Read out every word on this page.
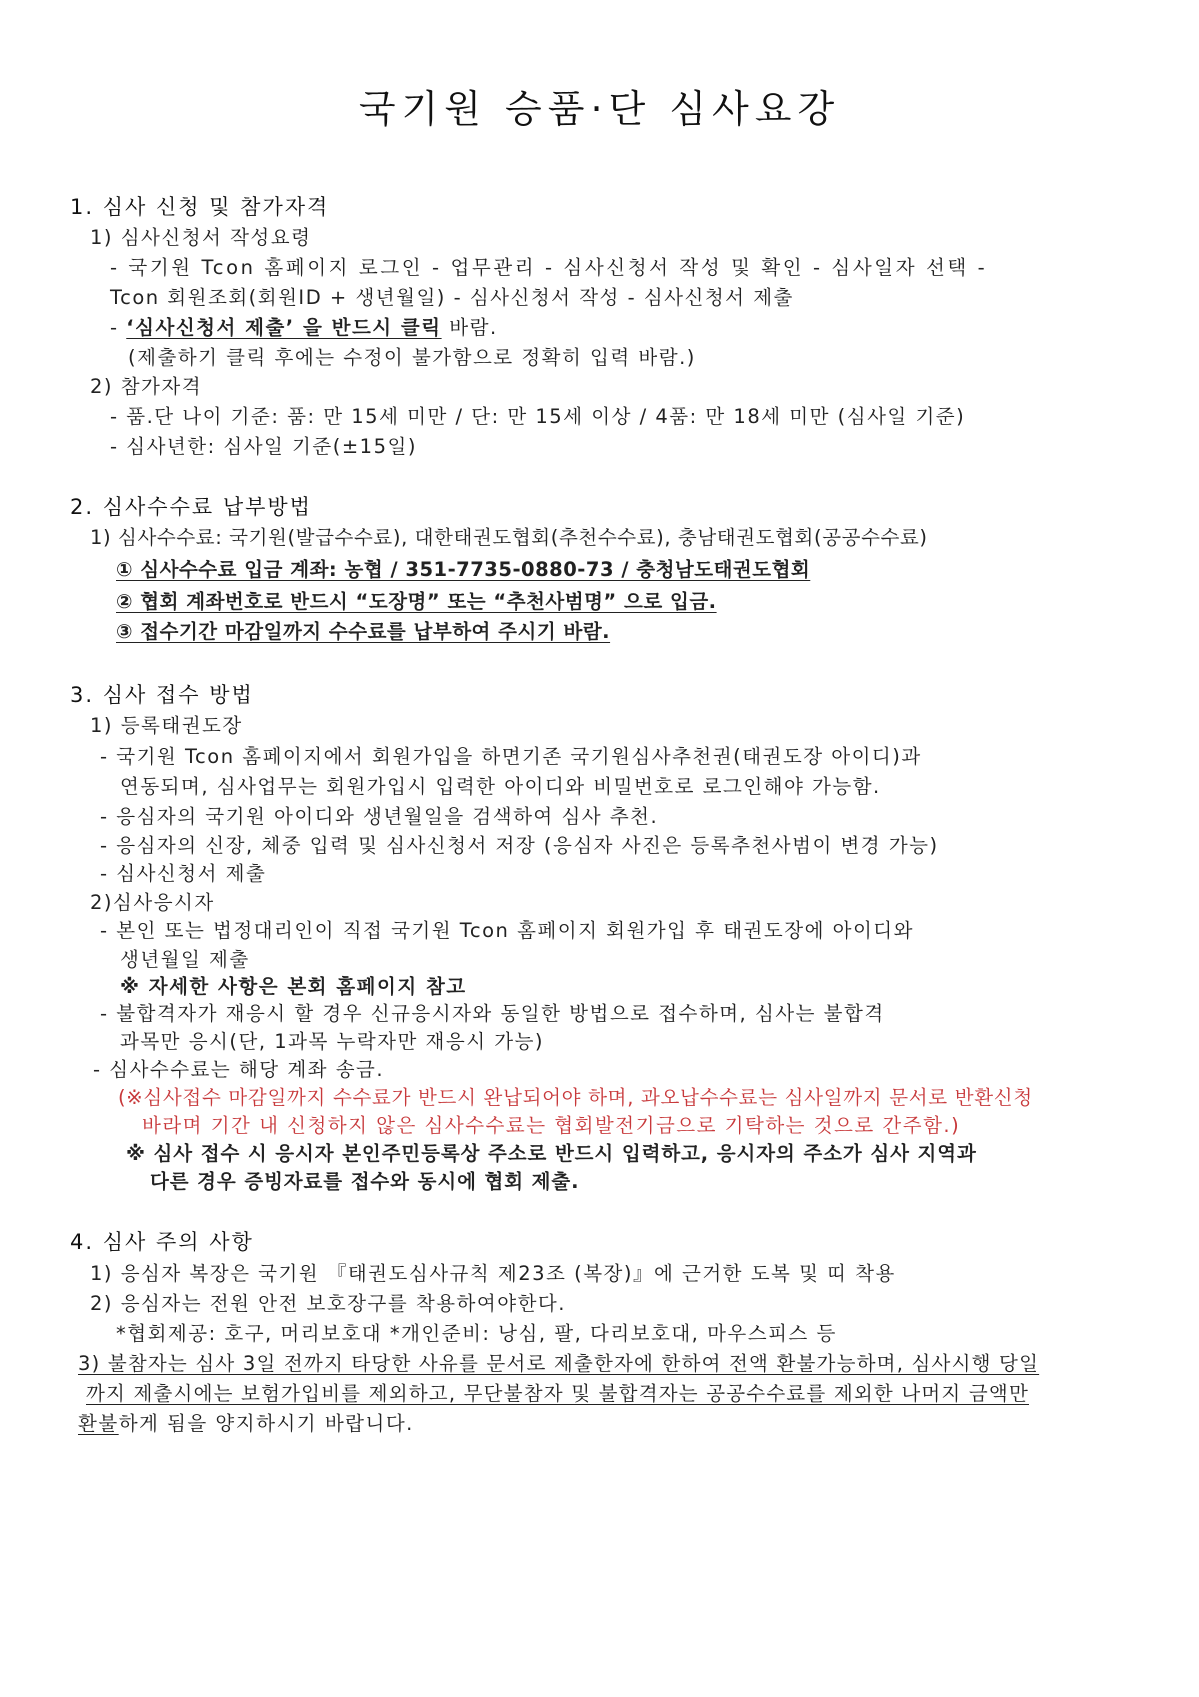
국기원 승품·단 심사요강
1. 심사 신청 및 참가자격
1) 심사신청서 작성요령
- 국기원 Tcon 홈페이지 로그인 - 업무관리 - 심사신청서 작성 및 확인 - 심사일자 선택 -
Tcon 회원조회(회원ID + 생년월일) - 심사신청서 작성 - 심사신청서 제출
- ‘심사신청서 제출’ 을 반드시 클릭 바람.
(제출하기 클릭 후에는 수정이 불가함으로 정확히 입력 바람.)
2) 참가자격
- 품.단 나이 기준: 품: 만 15세 미만 / 단: 만 15세 이상 / 4품: 만 18세 미만 (심사일 기준)
- 심사년한: 심사일 기준(±15일)
2. 심사수수료 납부방법
1) 심사수수료: 국기원(발급수수료), 대한태권도협회(추천수수료), 충남태권도협회(공공수수료)
① 심사수수료 입금 계좌: 농협 / 351-7735-0880-73 / 충청남도태권도협회
② 협회 계좌번호로 반드시 “도장명” 또는 “추천사범명” 으로 입금.
③ 접수기간 마감일까지 수수료를 납부하여 주시기 바람.
3. 심사 접수 방법
1) 등록태권도장
- 국기원 Tcon 홈페이지에서 회원가입을 하면기존 국기원심사추천권(태권도장 아이디)과
연동되며, 심사업무는 회원가입시 입력한 아이디와 비밀번호로 로그인해야 가능함.
- 응심자의 국기원 아이디와 생년월일을 검색하여 심사 추천.
- 응심자의 신장, 체중 입력 및 심사신청서 저장 (응심자 사진은 등록추천사범이 변경 가능)
- 심사신청서 제출
2)심사응시자
- 본인 또는 법정대리인이 직접 국기원 Tcon 홈페이지 회원가입 후 태권도장에 아이디와
생년월일 제출
※ 자세한 사항은 본회 홈페이지 참고
- 불합격자가 재응시 할 경우 신규응시자와 동일한 방법으로 접수하며, 심사는 불합격
과목만 응시(단, 1과목 누락자만 재응시 가능)
- 심사수수료는 해당 계좌 송금.
(※심사접수 마감일까지 수수료가 반드시 완납되어야 하며, 과오납수수료는 심사일까지 문서로 반환신청
바라며 기간 내 신청하지 않은 심사수수료는 협회발전기금으로 기탁하는 것으로 간주함.)
※ 심사 접수 시 응시자 본인주민등록상 주소로 반드시 입력하고, 응시자의 주소가 심사 지역과
다른 경우 증빙자료를 접수와 동시에 협회 제출.
4. 심사 주의 사항
1) 응심자 복장은 국기원 『태권도심사규칙 제23조 (복장)』에 근거한 도복 및 띠 착용
2) 응심자는 전원 안전 보호장구를 착용하여야한다.
*협회제공: 호구, 머리보호대 *개인준비: 낭심, 팔, 다리보호대, 마우스피스 등
3) 불참자는 심사 3일 전까지 타당한 사유를 문서로 제출한자에 한하여 전액 환불가능하며, 심사시행 당일
까지 제출시에는 보험가입비를 제외하고, 무단불참자 및 불합격자는 공공수수료를 제외한 나머지 금액만
환불하게 됨을 양지하시기 바랍니다.
